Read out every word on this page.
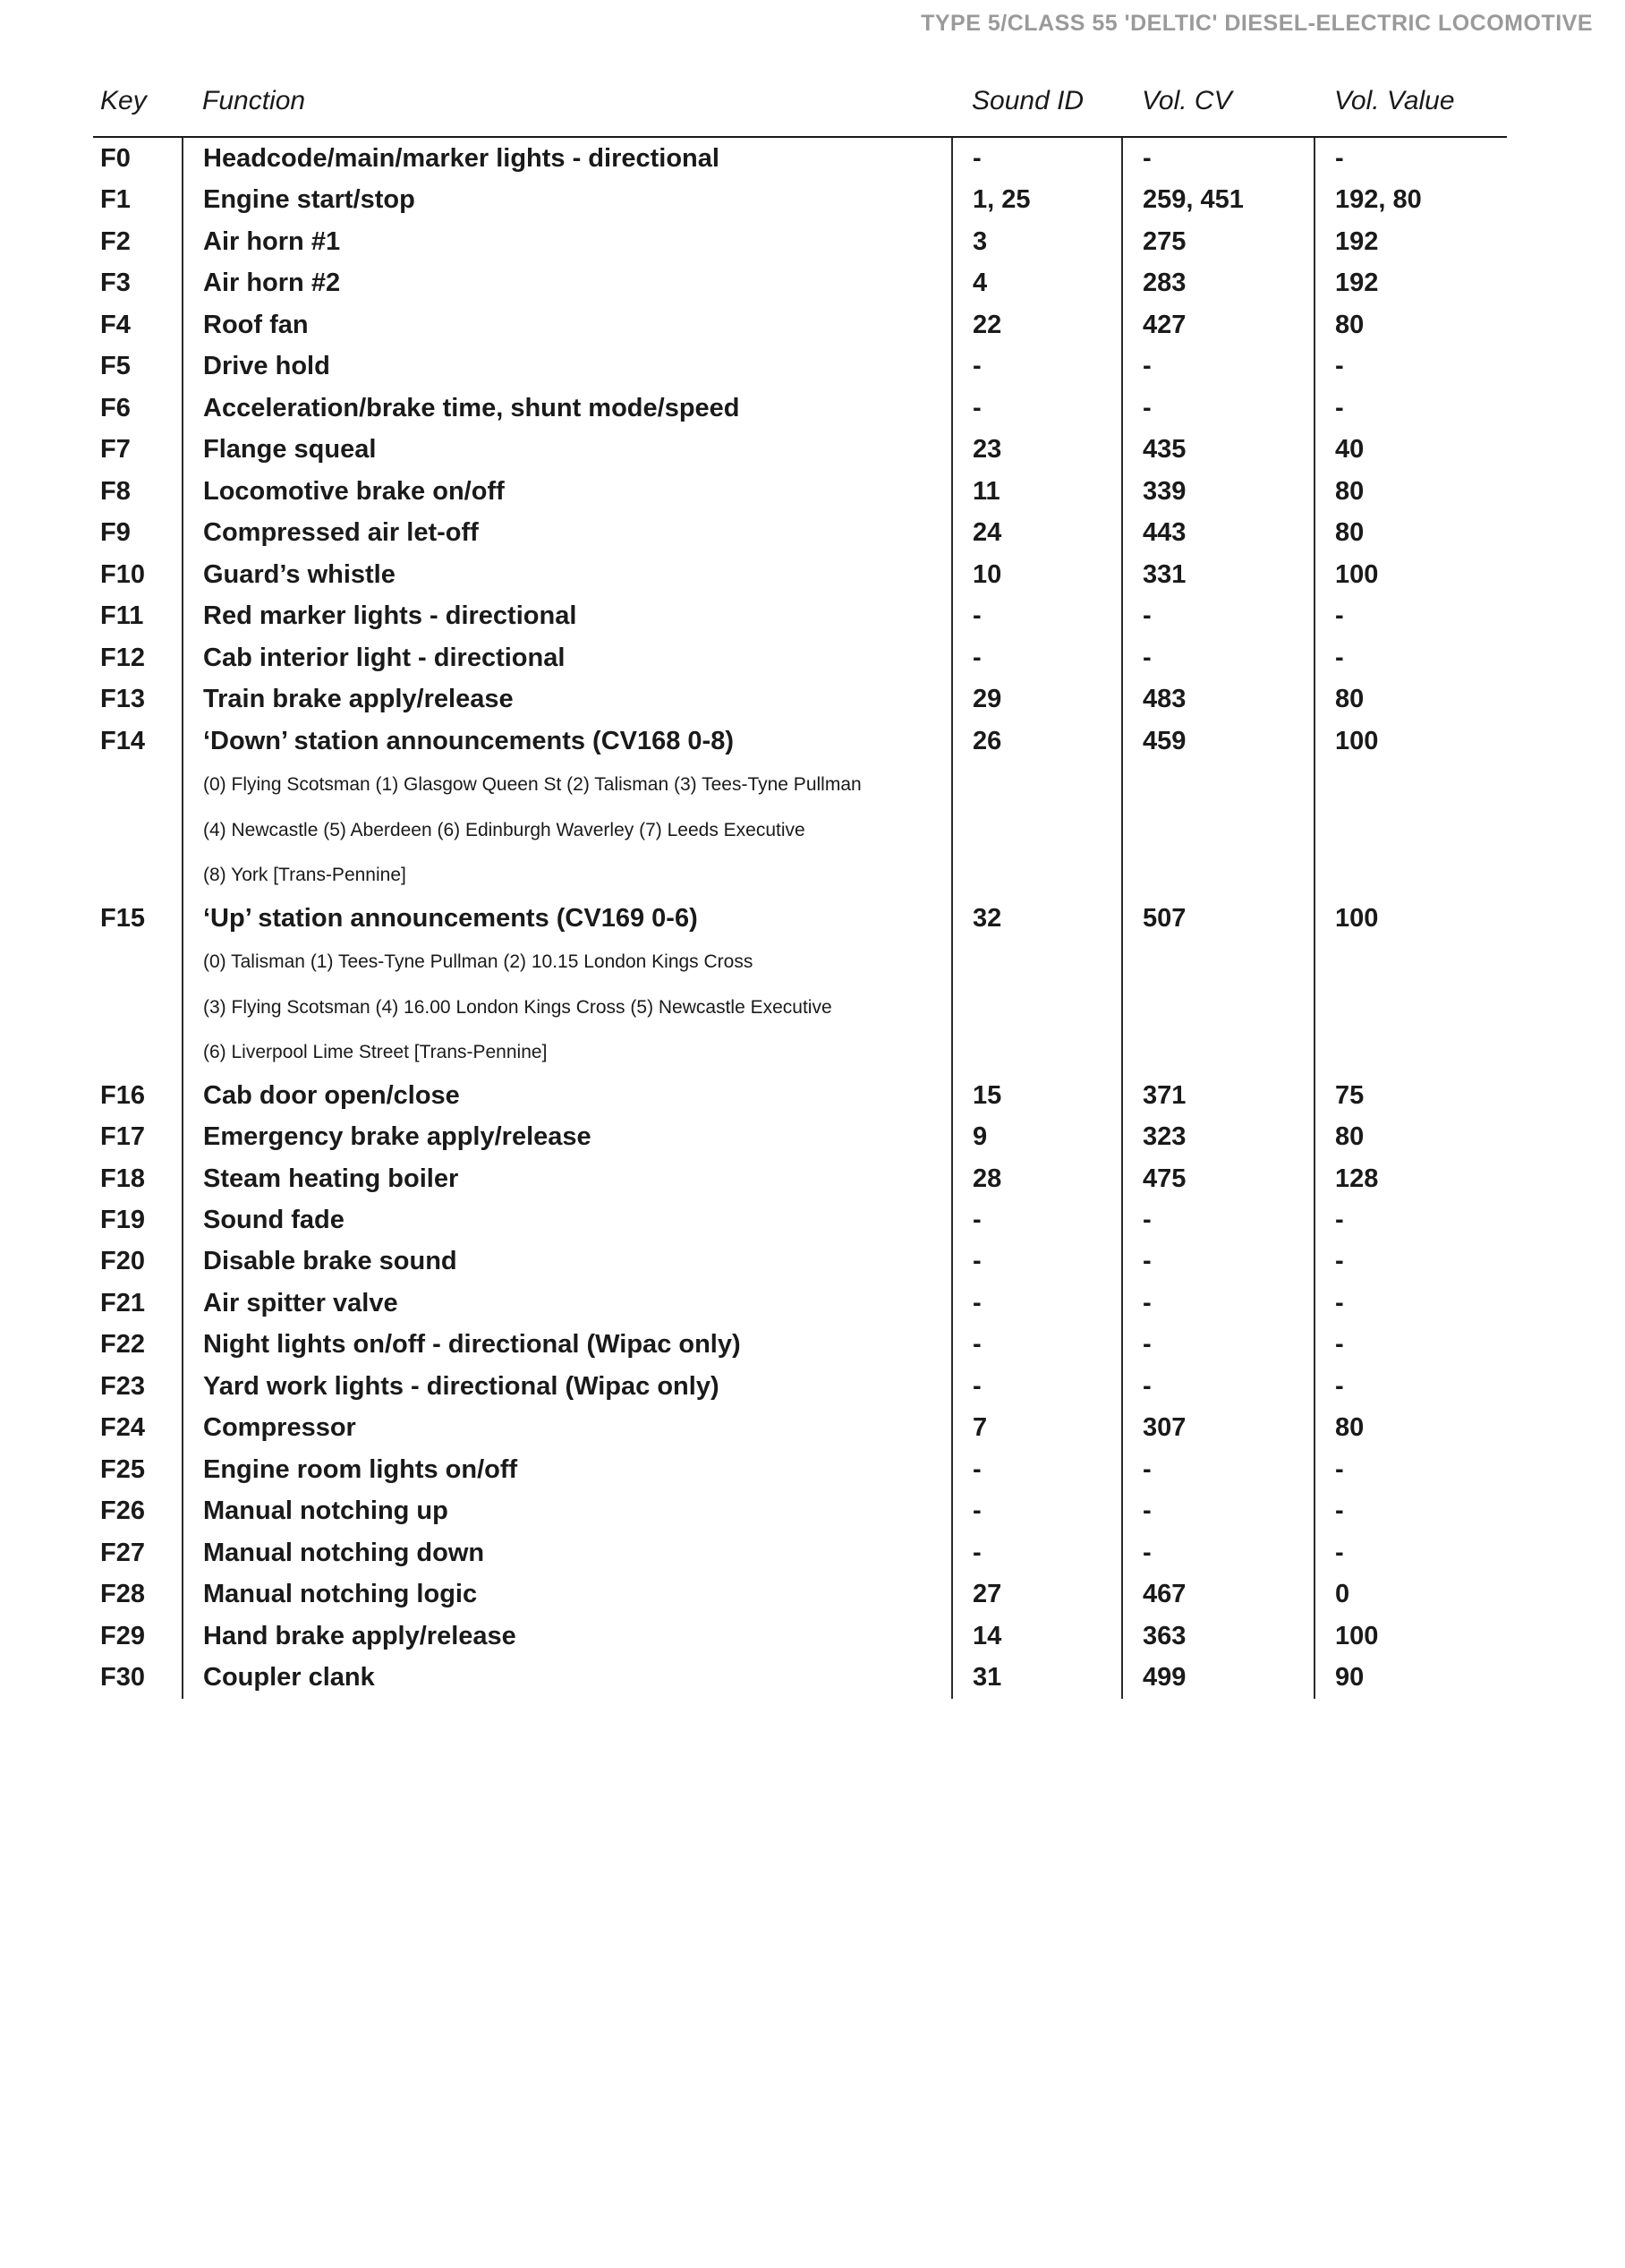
TYPE 5/CLASS 55 'DELTIC' DIESEL-ELECTRIC LOCOMOTIVE
Key	Function	Sound ID	Vol. CV	Vol. Value
F0	Headcode/main/marker lights - directional	-	-	-
F1	Engine start/stop	1, 25	259, 451	192, 80
F2	Air horn #1	3	275	192
F3	Air horn #2	4	283	192
F4	Roof fan	22	427	80
F5	Drive hold	-	-	-
F6	Acceleration/brake time, shunt mode/speed	-	-	-
F7	Flange squeal	23	435	40
F8	Locomotive brake on/off	11	339	80
F9	Compressed air let-off	24	443	80
F10	Guard’s whistle	10	331	100
F11	Red marker lights - directional	-	-	-
F12	Cab interior light - directional	-	-	-
F13	Train brake apply/release	29	483	80
F14	‘Down’ station announcements (CV168 0-8)	26	459	100
	(0) Flying Scotsman (1) Glasgow Queen St (2) Talisman (3) Tees-Tyne Pullman			
	(4) Newcastle (5) Aberdeen (6) Edinburgh Waverley (7) Leeds Executive			
	(8) York [Trans-Pennine]			
F15	‘Up’ station announcements (CV169 0-6)	32	507	100
	(0) Talisman (1) Tees-Tyne Pullman (2) 10.15 London Kings Cross			
	(3) Flying Scotsman (4) 16.00 London Kings Cross (5) Newcastle Executive			
	(6) Liverpool Lime Street [Trans-Pennine]			
F16	Cab door open/close	15	371	75
F17	Emergency brake apply/release	9	323	80
F18	Steam heating boiler	28	475	128
F19	Sound fade	-	-	-
F20	Disable brake sound	-	-	-
F21	Air spitter valve	-	-	-
F22	Night lights on/off - directional (Wipac only)	-	-	-
F23	Yard work lights - directional (Wipac only)	-	-	-
F24	Compressor	7	307	80
F25	Engine room lights on/off	-	-	-
F26	Manual notching up	-	-	-
F27	Manual notching down	-	-	-
F28	Manual notching logic	27	467	0
F29	Hand brake apply/release	14	363	100
F30	Coupler clank	31	499	90
